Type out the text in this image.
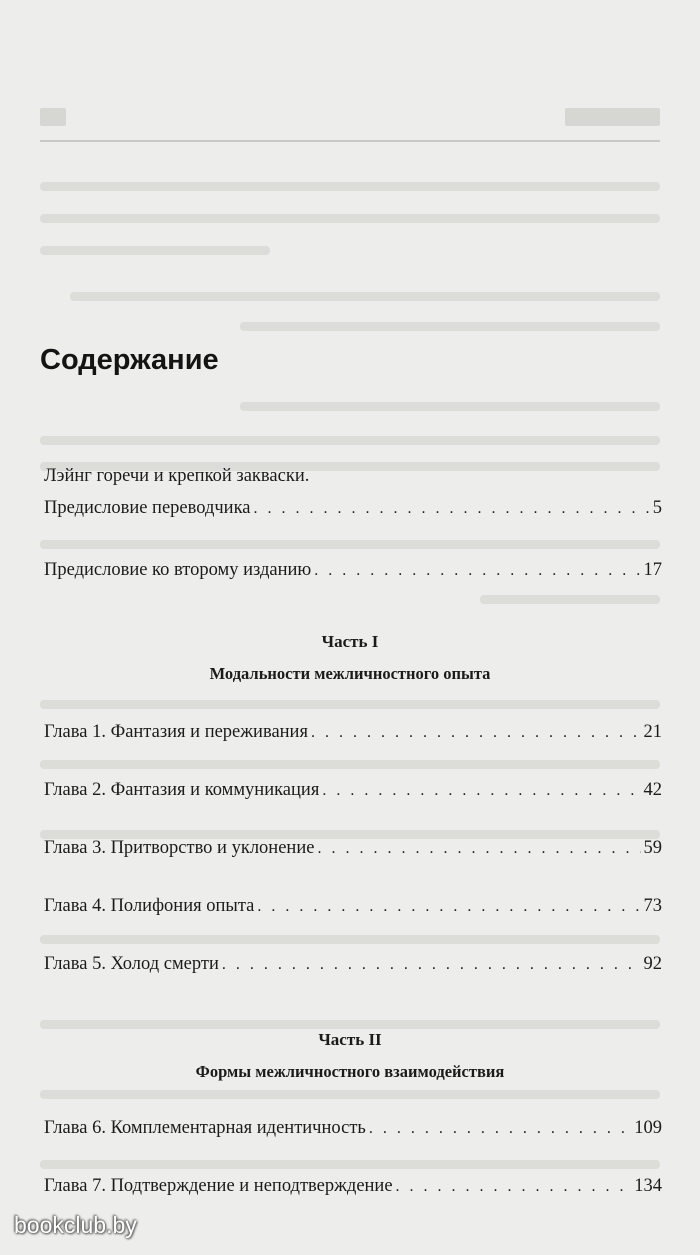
Содержание
Лэйнг горечи и крепкой закваски.
Предисловие переводчика . . .	5
Предисловие ко второму изданию . . .	17
Часть I
Модальности межличностного опыта
Глава 1. Фантазия и переживания . . .	21
Глава 2. Фантазия и коммуникация . . .	42
Глава 3. Притворство и уклонение . . .	59
Глава 4. Полифония опыта . . .	73
Глава 5. Холод смерти . . .	92
Часть II
Формы межличностного взаимодействия
Глава 6. Комплементарная идентичность . . .	109
Глава 7. Подтверждение и неподтверждение . . .	134
bookclub.by
